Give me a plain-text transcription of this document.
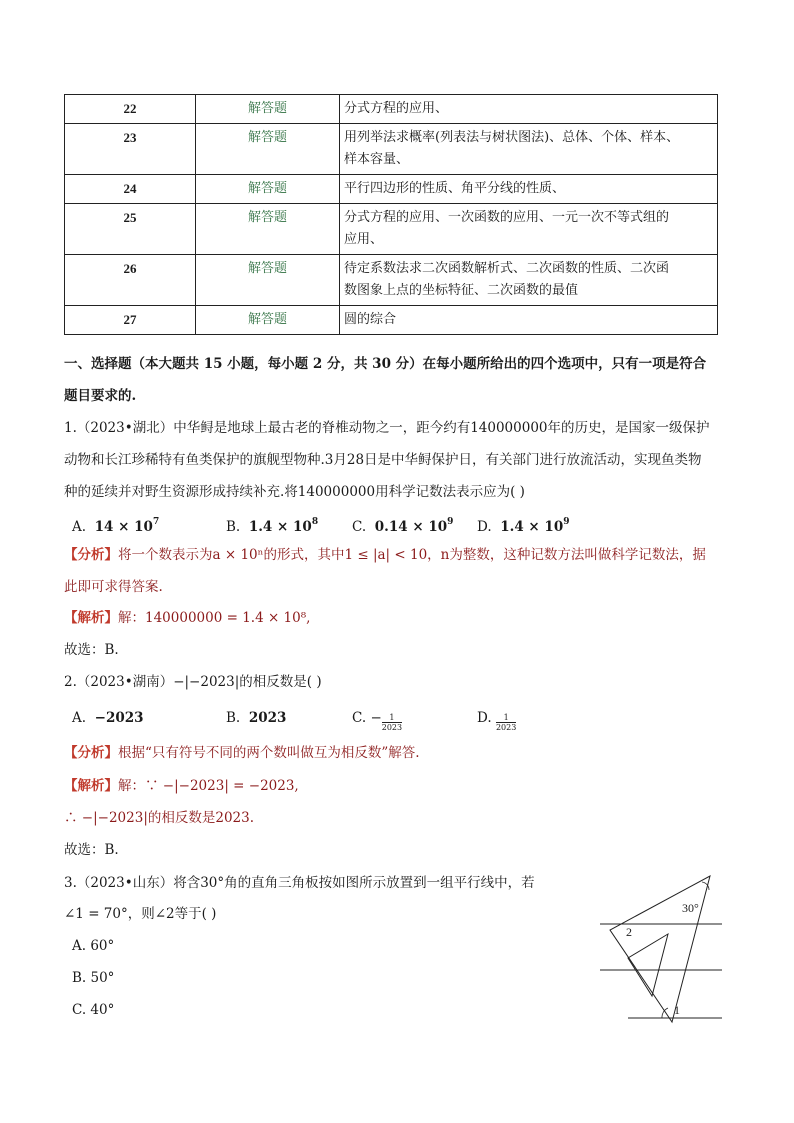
22	解答题	分式方程的应用、

23	解答题	用列举法求概率(列表法与树状图法)、总体、个体、样本、
样本容量、

24	解答题	平行四边形的性质、角平分线的性质、

25	解答题	分式方程的应用、一次函数的应用、一元一次不等式组的
应用、

26	解答题	待定系数法求二次函数解析式、二次函数的性质、二次函
数图象上点的坐标特征、二次函数的最值

27	解答题	圆的综合
一、选择题（本大题共 15 小题，每小题 2 分，共 30 分）在每小题所给出的四个选项中，只有一项是符合
题目要求的.
1.（2023•湖北）中华鲟是地球上最古老的脊椎动物之一，距今约有140000000年的历史，是国家一级保护
动物和长江珍稀特有鱼类保护的旗舰型物种.3月28日是中华鲟保护日，有关部门进行放流活动，实现鱼类物
种的延续并对野生资源形成持续补充.将140000000用科学记数法表示应为( )
A. $14 \times 10^7$	B. $1.4 \times 10^8$	C. $0.14 \times 10^9$ D. $1.4 \times 10^9$
【分析】将一个数表示为a × 10ⁿ的形式，其中1 ≤ |a| < 10，n为整数，这种记数方法叫做科学记数法，据
此即可求得答案.
【解析】解：140000000 = 1.4 × 10⁸,
故选：B.
2.（2023•湖南）−|−2023|的相反数是( )
A. −2023	B. 2023	C. − $\frac{1}{2023}$	D. $\frac{1}{2023}$
【分析】根据“只有符号不同的两个数叫做互为相反数”解答.
【解析】解：∵ −|−2023| = −2023,
∴ −|−2023|的相反数是2023.
故选：B.
3.（2023•山东）将含30°角的直角三角板按如图所示放置到一组平行线中，若
∠1 = 70°，则∠2等于( )
A. 60°
B. 50°
C. 40°
30°
2
1
